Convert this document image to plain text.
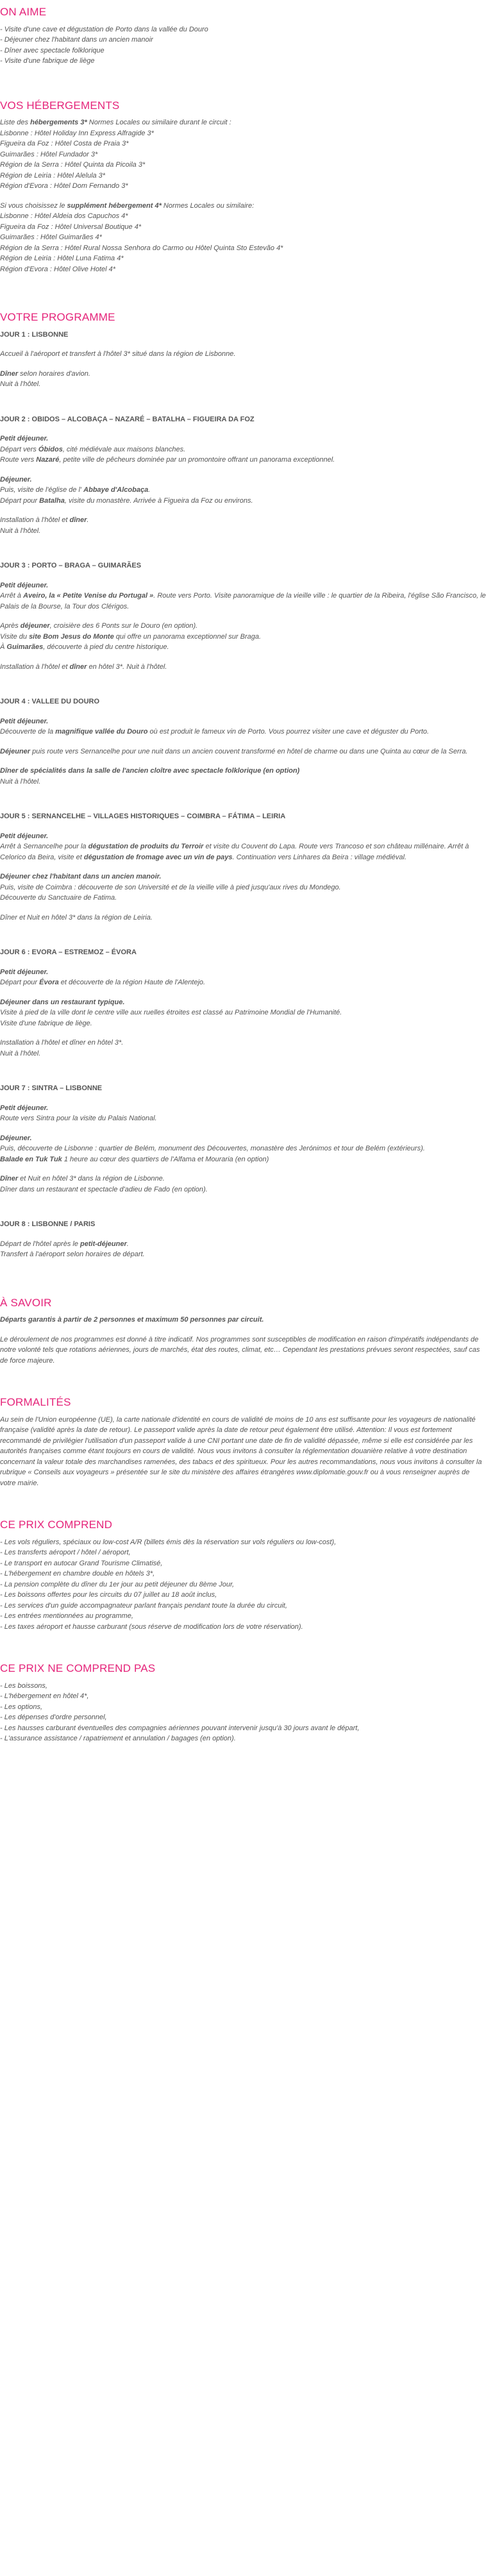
ON AIME

- Visite d'une cave et dégustation de Porto dans la vallée du Douro

- Déjeuner chez l'habitant dans un ancien manoir

- Dîner avec spectacle folklorique

- Visite d'une fabrique de liège

VOS HÉBERGEMENTS

Liste des hébergements 3* Normes Locales ou similaire durant le circuit :

Lisbonne : Hôtel Holiday Inn Express Alfragide 3*

Figueira da Foz : Hôtel Costa de Praia 3*

Guimarães : Hôtel Fundador 3*

Région de la Serra : Hôtel Quinta da Picoila 3*

Région de Leiria : Hôtel Alelula 3*

Région d'Evora : Hôtel Dom Fernando 3*

Si vous choisissez le supplément hébergement 4* Normes Locales ou similaire:

Lisbonne : Hôtel Aldeia dos Capuchos 4*

Figueira da Foz : Hôtel Universal Boutique 4*

Guimarães : Hôtel Guimarães 4*

Région de la Serra : Hôtel Rural Nossa Senhora do Carmo ou Hôtel Quinta Sto Estevão 4*

Région de Leiria : Hôtel Luna Fatima 4*

Région d'Evora : Hôtel Olive Hotel 4*

VOTRE PROGRAMME

JOUR 1 : LISBONNE

Accueil à l'aéroport et transfert à l'hôtel 3* situé dans la région de Lisbonne.

Dîner selon horaires d'avion.

Nuit à l'hôtel.

JOUR 2 : OBIDOS – ALCOBAÇA – NAZARÉ – BATALHA – FIGUEIRA DA FOZ

Petit déjeuner.

Départ vers Óbidos, cité médiévale aux maisons blanches.

Route vers Nazaré, petite ville de pêcheurs dominée par un promontoire offrant un panorama exceptionnel.

Déjeuner.

Puis, visite de l'église de l' Abbaye d'Alcobaça.

Départ pour Batalha, visite du monastère. Arrivée à Figueira da Foz ou environs.

Installation à l'hôtel et dîner.

Nuit à l'hôtel.

JOUR 3 : PORTO – BRAGA – GUIMARÃES

Petit déjeuner.

Arrêt à Aveiro, la « Petite Venise du Portugal ». Route vers Porto. Visite panoramique de la vieille ville : le quartier de la Ribeira, l'église São Francisco, le Palais de la Bourse, la Tour dos Clérigos.

Après déjeuner, croisière des 6 Ponts sur le Douro (en option).

Visite du site Bom Jesus do Monte qui offre un panorama exceptionnel sur Braga.

À Guimarães, découverte à pied du centre historique.

Installation à l'hôtel et dîner en hôtel 3*. Nuit à l'hôtel.

JOUR 4 : VALLEE DU DOURO

Petit déjeuner.

Découverte de la magnifique vallée du Douro où est produit le fameux vin de Porto. Vous pourrez visiter une cave et déguster du Porto.

Déjeuner puis route vers Sernancelhe pour une nuit dans un ancien couvent transformé en hôtel de charme ou dans une Quinta au cœur de la Serra.

Dîner de spécialités dans la salle de l'ancien cloître avec spectacle folklorique (en option)

Nuit à l'hôtel.

JOUR 5 : SERNANCELHE – VILLAGES HISTORIQUES – COIMBRA – FÁTIMA – LEIRIA

Petit déjeuner.

Arrêt à Sernancelhe pour la dégustation de produits du Terroir et visite du Couvent do Lapa. Route vers Trancoso et son château millénaire. Arrêt à Celorico da Beira, visite et dégustation de fromage avec un vin de pays. Continuation vers Linhares da Beira : village médiéval.

Déjeuner chez l'habitant dans un ancien manoir.

Puis, visite de Coimbra : découverte de son Université et de la vieille ville à pied jusqu'aux rives du Mondego.

Découverte du Sanctuaire de Fatima.

Dîner et Nuit en hôtel 3* dans la région de Leiria.

JOUR 6 : EVORA – ESTREMOZ – ÉVORA

Petit déjeuner.

Départ pour Évora et découverte de la région Haute de l'Alentejo.

Déjeuner dans un restaurant typique.

Visite à pied de la ville dont le centre ville aux ruelles étroites est classé au Patrimoine Mondial de l'Humanité.

Visite d'une fabrique de liège.

Installation à l'hôtel et dîner en hôtel 3*.

Nuit à l'hôtel.

JOUR 7 : SINTRA – LISBONNE

Petit déjeuner.

Route vers Sintra pour la visite du Palais National.

Déjeuner.

Puis, découverte de Lisbonne : quartier de Belém, monument des Découvertes, monastère des Jerónimos et tour de Belém (extérieurs).

Balade en Tuk Tuk 1 heure au cœur des quartiers de l'Alfama et Mouraria (en option)

Dîner et Nuit en hôtel 3* dans la région de Lisbonne.

Dîner dans un restaurant et spectacle d'adieu de Fado (en option).

JOUR 8 : LISBONNE / PARIS

Départ de l'hôtel après le petit-déjeuner.

Transfert à l'aéroport selon horaires de départ.

À SAVOIR

Départs garantis à partir de 2 personnes et maximum 50 personnes par circuit.

Le déroulement de nos programmes est donné à titre indicatif. Nos programmes sont susceptibles de modification en raison d'impératifs indépendants de notre volonté tels que rotations aériennes, jours de marchés, état des routes, climat, etc… Cependant les prestations prévues seront respectées, sauf cas de force majeure.

FORMALITÉS

Au sein de l'Union européenne (UE), la carte nationale d'identité en cours de validité de moins de 10 ans est suffisante pour les voyageurs de nationalité française (validité après la date de retour). Le passeport valide après la date de retour peut également être utilisé. Attention: Il vous est fortement recommandé de privilégier l'utilisation d'un passeport valide à une CNI portant une date de fin de validité dépassée, même si elle est considérée par les autorités françaises comme étant toujours en cours de validité. Nous vous invitons à consulter la réglementation douanière relative à votre destination concernant la valeur totale des marchandises ramenées, des tabacs et des spiritueux. Pour les autres recommandations, nous vous invitons à consulter la rubrique « Conseils aux voyageurs » présentée sur le site du ministère des affaires étrangères www.diplomatie.gouv.fr ou à vous renseigner auprès de votre mairie.

CE PRIX COMPREND

- Les vols réguliers, spéciaux ou low-cost A/R (billets émis dès la réservation sur vols réguliers ou low-cost),

- Les transferts aéroport / hôtel / aéroport,

- Le transport en autocar Grand Tourisme Climatisé,

- L'hébergement en chambre double en hôtels 3*,

- La pension complète du dîner du 1er jour au petit déjeuner du 8ème Jour,

- Les boissons offertes pour les circuits du 07 juillet au 18 août inclus,

- Les services d'un guide accompagnateur parlant français pendant toute la durée du circuit,

- Les entrées mentionnées au programme,

- Les taxes aéroport et hausse carburant (sous réserve de modification lors de votre réservation).

CE PRIX NE COMPREND PAS

- Les boissons,

- L'hébergement en hôtel 4*,

- Les options,

- Les dépenses d'ordre personnel,

- Les hausses carburant éventuelles des compagnies aériennes pouvant intervenir jusqu'à 30 jours avant le départ,

- L'assurance assistance / rapatriement et annulation / bagages (en option).
